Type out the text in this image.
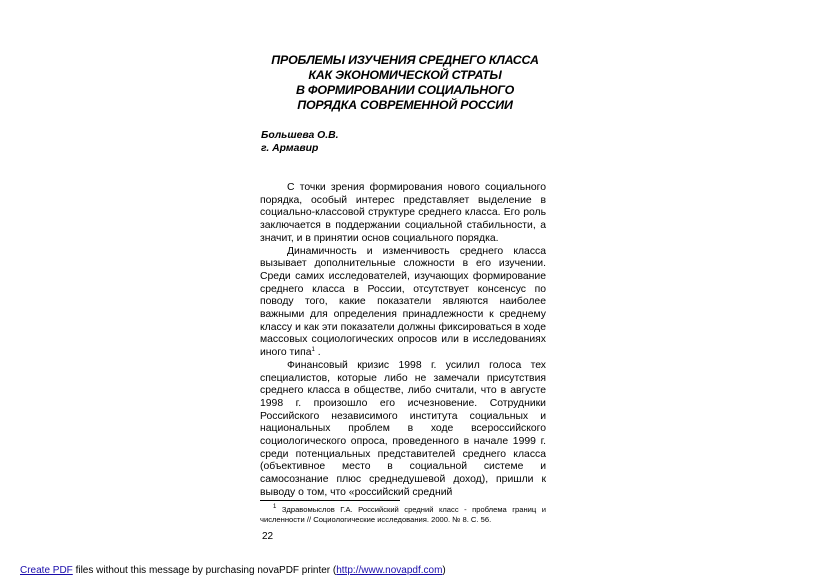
ПРОБЛЕМЫ ИЗУЧЕНИЯ СРЕДНЕГО КЛАССА
КАК ЭКОНОМИЧЕСКОЙ СТРАТЫ
В ФОРМИРОВАНИИ СОЦИАЛЬНОГО
ПОРЯДКА СОВРЕМЕННОЙ РОССИИ
Большева О.В.
г. Армавир

С точки зрения формирования нового социального порядка, особый интерес представляет выделение в социально-классовой структуре среднего класса. Его роль заключается в поддержании социальной стабильности, а значит, и в принятии основ социального порядка.

Динамичность и изменчивость среднего класса вызывает дополнительные сложности в его изучении. Среди самих исследователей, изучающих формирование среднего класса в России, отсутствует консенсус по поводу того, какие показатели являются наиболее важными для определения принадлежности к среднему классу и как эти показатели должны фиксироваться в ходе массовых социологических опросов или в исследованиях иного типа$^1$ .

Финансовый кризис 1998 г. усилил голоса тех специалистов, которые либо не замечали присутствия среднего класса в обществе, либо считали, что в августе 1998 г. произошло его исчезновение. Сотрудники Российского независимого института социальных и национальных проблем в ходе всероссийского социологического опроса, проведенного в начале 1999 г. среди потенциальных представителей среднего класса (объективное место в социальной системе и самосознание плюс среднедушевой доход), пришли к выводу о том, что «российский средний

$^1$ Здравомыслов Г.А. Российский средний класс - проблема границ и численности // Социологические исследования. 2000. № 8. С. 56.
22
Create PDF files without this message by purchasing novaPDF printer (http://www.novapdf.com)
